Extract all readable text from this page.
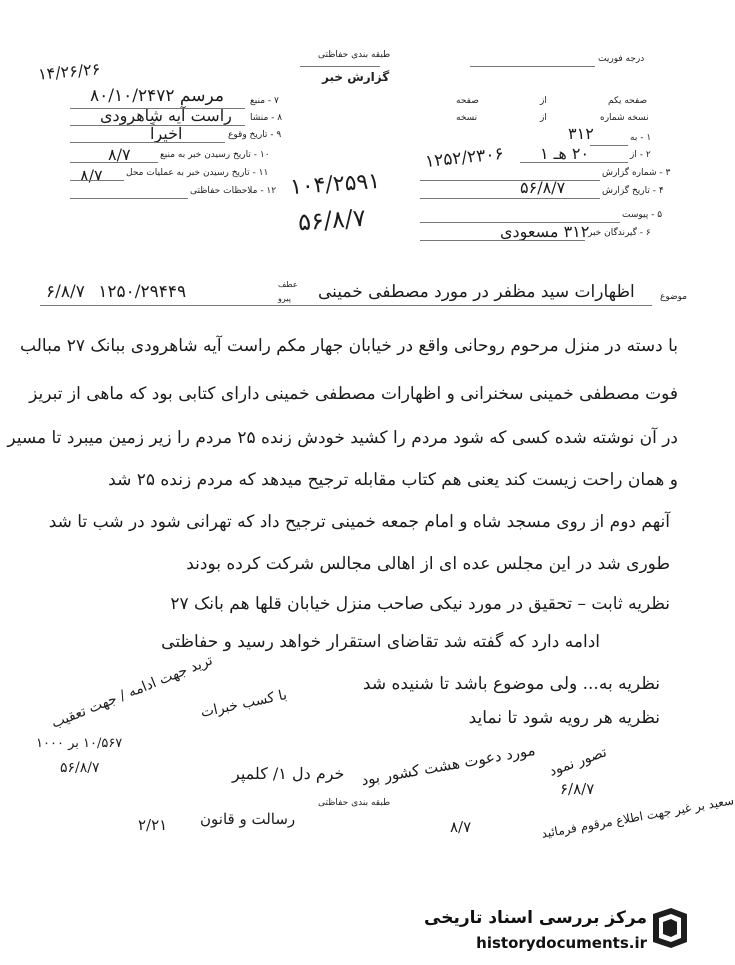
۱۴/۲۶/۲۶
طبقه بندی حفاظتی
گزارش خبر
درجه فوریت
۷ - منبع
۸ - منشا
۹ - تاریخ وقوع
۱۰ - تاریخ رسیدن خبر به منبع
۱۱ - تاریخ رسیدن خبر به عملیات محل
۱۲ - ملاحظات حفاظتی
۸۰/۱۰/۲۴۷۲ مرسم
راست آیه شاهرودی
اخیراً
۸/۷
۸/۷
صفحه یکم
از
صفحه
نسخه شماره
از
نسخه
۱ - به
۲ - از
۳ - شماره گزارش
۴ - تاریخ گزارش
۵ - پیوست
۶ - گیرندگان خبر
۳۱۲
۲۰ هـ ۱
۱۲۵۲/۲۳۰۶
۵۶/۸/۷
۳۱۲ مسعودی
۱۰۴/۲۵۹۱
۵۶/۸/۷
موضوع
اظهارات سید مظفر در مورد مصطفی خمینی
عطف
پیرو
۶/۸/۷ ۱۲۵۰/۲۹۴۴۹
با دسته در منزل مرحوم روحانی واقع در خیابان جهار مکم راست آیه شاهرودی ببانک ۲۷ مبالب
فوت مصطفی خمینی سخنرانی و اظهارات مصطفی خمینی دارای کتابی بود که ماهی از تبریز
در آن نوشته شده کسی که شود مردم را کشید خودش زنده ۲۵ مردم را زیر زمین میبرد تا مسیر
و همان راحت زیست کند یعنی هم کتاب مقابله ترجیح میدهد که مردم زنده ۲۵ شد
آنهم دوم از روی مسجد شاه و امام جمعه خمینی ترجیح داد که تهرانی شود در شب تا شد
طوری شد در این مجلس عده ای از اهالی مجالس شرکت کرده بودند
نظریه ثابت – تحقیق در مورد نیکی صاحب منزل خیابان قلها هم بانک ۲۷
ادامه دارد که گفته شد تقاضای استقرار خواهد رسید و حفاظتی
نظریه به... ولی موضوع باشد تا شنیده شد
نظریه هر رویه شود تا نماید
ترید جهت ادامه / جهت تعقیب
۱۰/۵۶۷ بر ۱۰۰۰
۵۶/۸/۷
با کسب خبرات
مورد دعوت هشت کشور بود
خرم دل ۱/ کلمپر	تصور نمود
۶/۸/۷
۲/۲۱ رسالت و قانون	سعید بر غیر جهت اطلاع مرقوم فرمائید
۸/۷
طبقه بندی حفاظتی
مرکز بررسی اسناد تاریخی
historydocuments.ir
